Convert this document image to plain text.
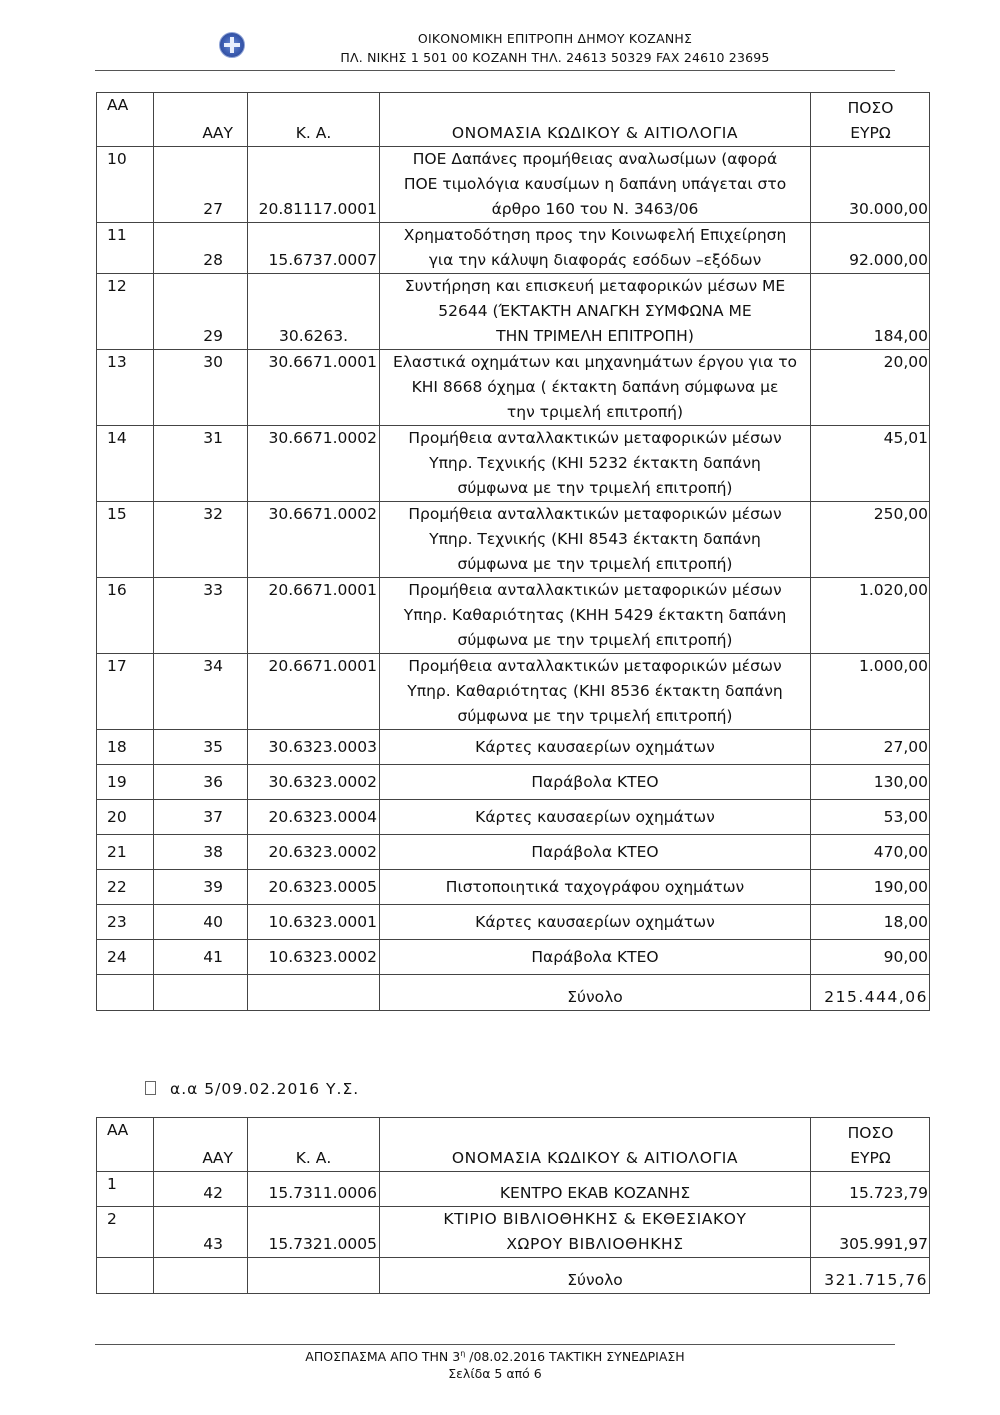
ΟΙΚΟΝΟΜΙΚΗ ΕΠΙΤΡΟΠΗ ΔΗΜΟΥ ΚΟΖΑΝΗΣ
ΠΛ. ΝΙΚΗΣ 1 501 00 ΚΟΖΑΝΗ ΤΗΛ. 24613 50329 FAX 24610 23695
ΑΑ	ΑΑΥ	Κ. Α.	ΟΝΟΜΑΣΙΑ ΚΩΔΙΚΟΥ & ΑΙΤΙΟΛΟΓΙΑ	ΠΟΣΟ
ΕΥΡΩ

10	27	20.81117.0001	ΠΟΕ Δαπάνες προμήθειας αναλωσίμων (αφορά
ΠΟΕ τιμολόγια καυσίμων η δαπάνη υπάγεται στο
άρθρο 160 του Ν. 3463/06	30.000,00
11	28	15.6737.0007	Χρηματοδότηση προς την Κοινωφελή Επιχείρηση
για την κάλυψη διαφοράς εσόδων –εξόδων	92.000,00
12	29	30.6263.	Συντήρηση και επισκευή μεταφορικών μέσων ΜΕ
52644 (ΈΚΤΑΚΤΗ ΑΝΑΓΚΗ ΣΥΜΦΩΝΑ ΜΕ
ΤΗΝ ΤΡΙΜΕΛΗ ΕΠΙΤΡΟΠΗ)	184,00
13	30	30.6671.0001	Ελαστικά οχημάτων και μηχανημάτων έργου για το
ΚΗΙ 8668 όχημα ( έκτακτη δαπάνη σύμφωνα με
την τριμελή επιτροπή)	20,00
14	31	30.6671.0002	Προμήθεια ανταλλακτικών μεταφορικών μέσων
Υπηρ. Τεχνικής (ΚΗΙ 5232 έκτακτη δαπάνη
σύμφωνα με την τριμελή επιτροπή)	45,01
15	32	30.6671.0002	Προμήθεια ανταλλακτικών μεταφορικών μέσων
Υπηρ. Τεχνικής (ΚΗΙ 8543 έκτακτη δαπάνη
σύμφωνα με την τριμελή επιτροπή)	250,00
16	33	20.6671.0001	Προμήθεια ανταλλακτικών μεταφορικών μέσων
Υπηρ. Καθαριότητας (ΚΗΗ 5429 έκτακτη δαπάνη
σύμφωνα με την τριμελή επιτροπή)	1.020,00
17	34	20.6671.0001	Προμήθεια ανταλλακτικών μεταφορικών μέσων
Υπηρ. Καθαριότητας (ΚΗΙ 8536 έκτακτη δαπάνη
σύμφωνα με την τριμελή επιτροπή)	1.000,00
18	35	30.6323.0003	Κάρτες καυσαερίων οχημάτων	27,00
19	36	30.6323.0002	Παράβολα ΚΤΕΟ	130,00
20	37	20.6323.0004	Κάρτες καυσαερίων οχημάτων	53,00
21	38	20.6323.0002	Παράβολα ΚΤΕΟ	470,00
22	39	20.6323.0005	Πιστοποιητικά ταχογράφου οχημάτων	190,00
23	40	10.6323.0001	Κάρτες καυσαερίων οχημάτων	18,00
24	41	10.6323.0002	Παράβολα ΚΤΕΟ	90,00
			Σύνολο	215.444,06
α.α 5/09.02.2016 Υ.Σ.
ΑΑ	ΑΑΥ	Κ. Α.	ΟΝΟΜΑΣΙΑ ΚΩΔΙΚΟΥ & ΑΙΤΙΟΛΟΓΙΑ	ΠΟΣΟ
ΕΥΡΩ

1	42	15.7311.0006	ΚΕΝΤΡΟ ΕΚΑΒ ΚΟΖΑΝΗΣ	15.723,79
2	43	15.7321.0005	ΚΤΙΡΙΟ ΒΙΒΛΙΟΘΗΚΗΣ & ΕΚΘΕΣΙΑΚΟΥ
ΧΩΡΟΥ ΒΙΒΛΙΟΘΗΚΗΣ	305.991,97
			Σύνολο	321.715,76
ΑΠΟΣΠΑΣΜΑ ΑΠΟ ΤΗΝ $3^\eta$ /08.02.2016 ΤΑΚΤΙΚΗ ΣΥΝΕΔΡΙΑΣΗ
Σελίδα 5 από 6
